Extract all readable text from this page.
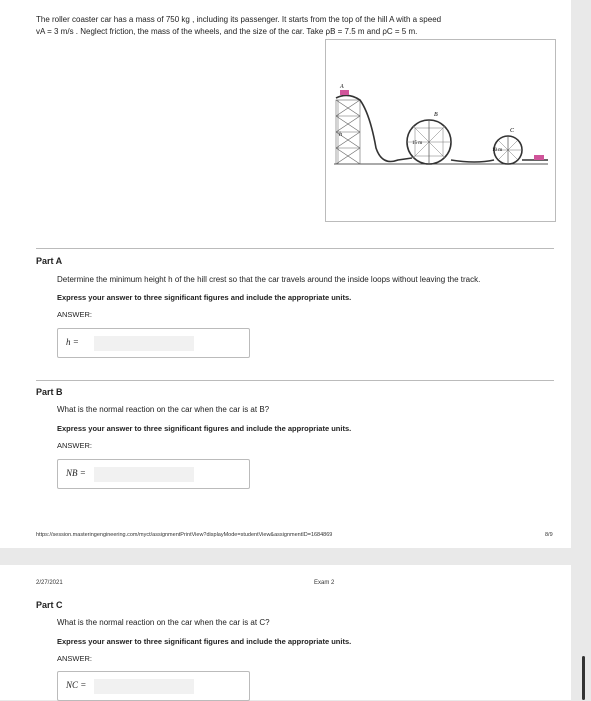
The roller coaster car has a mass of 750 kg , including its passenger. It starts from the top of the hill A with a speed
vA = 3 m/s . Neglect friction, the mass of the wheels, and the size of the car. Take ρB = 7.5 m and ρC = 5 m.
A
B
C
h
15 m
10 m
Part A
Determine the minimum height h of the hill crest so that the car travels around the inside loops without leaving the track.
Express your answer to three significant figures and include the appropriate units.
ANSWER:
h =
Part B
What is the normal reaction on the car when the car is at B?
Express your answer to three significant figures and include the appropriate units.
ANSWER:
NB =
https://session.masteringengineering.com/myct/assignmentPrintView?displayMode=studentView&assignmentID=1684869	8/9
2/27/2021	Exam 2
Part C
What is the normal reaction on the car when the car is at C?
Express your answer to three significant figures and include the appropriate units.
ANSWER:
NC =
